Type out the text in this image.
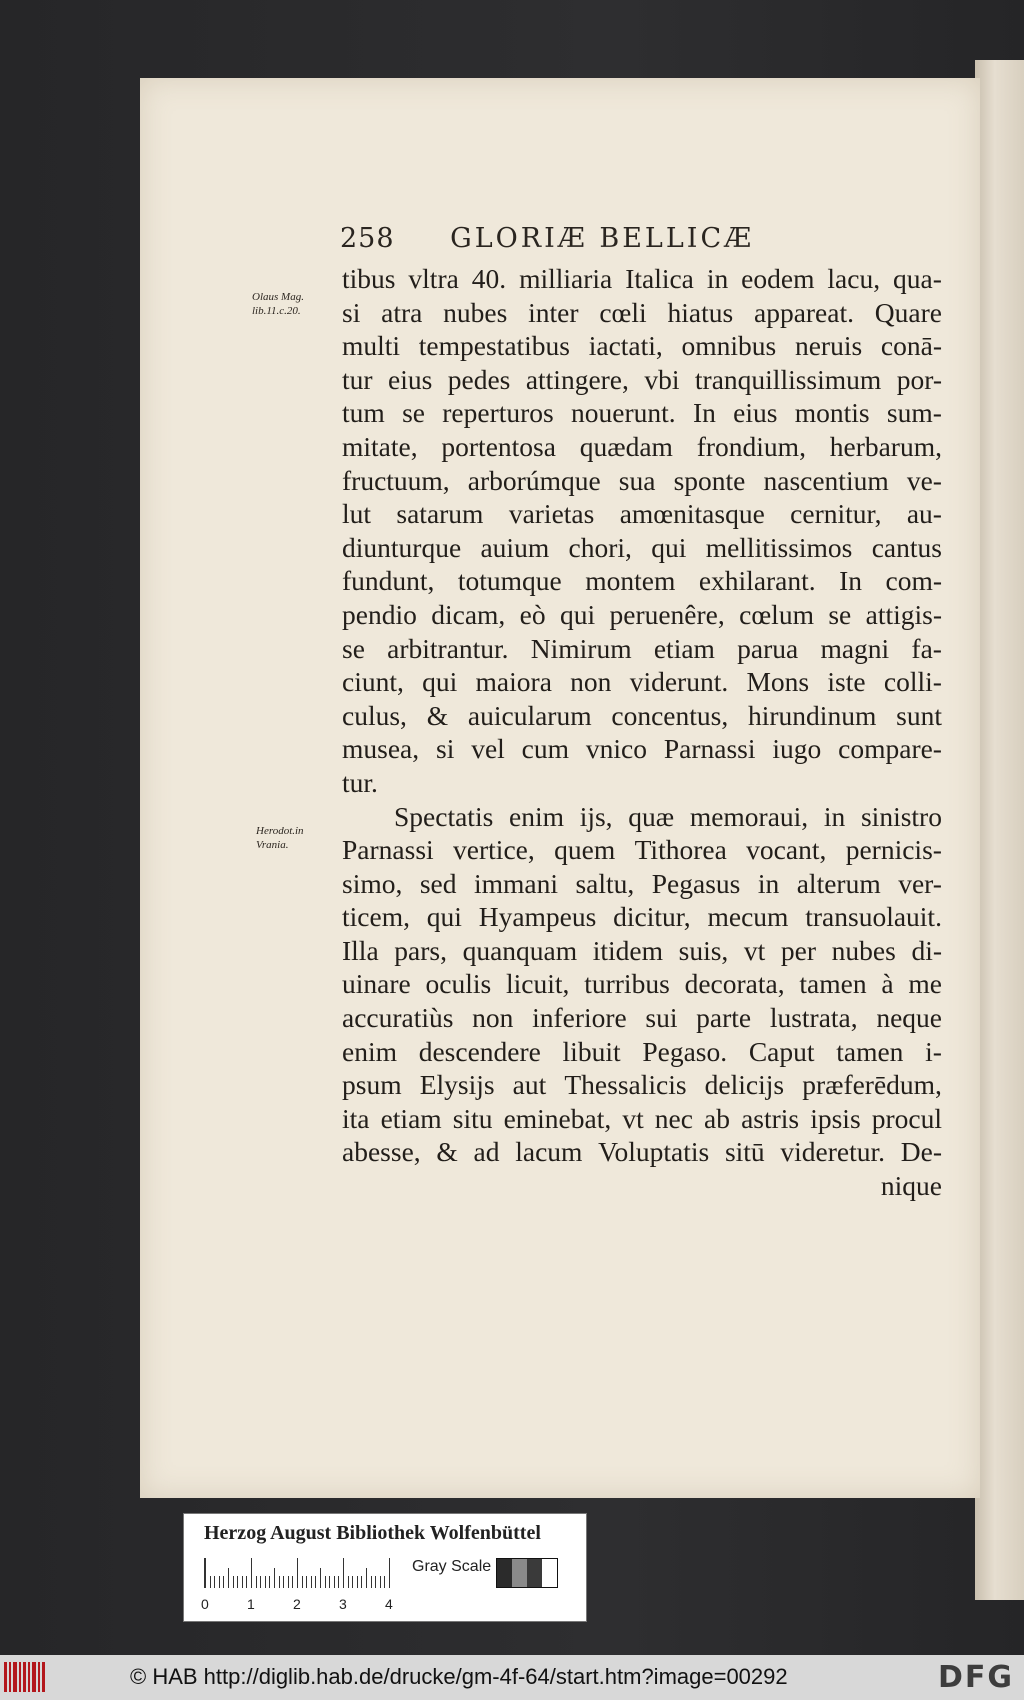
258 GLORIÆ BELLICÆ
Olaus Mag.
lib.11.c.20.
Herodot.in
Vrania.
tibus vltra 40. milliaria Italica in eodem lacu, qua-
si atra nubes inter cœli hiatus appareat. Quare
multi tempestatibus iactati, omnibus neruis conā-
tur eius pedes attingere, vbi tranquillissimum por-
tum se reperturos nouerunt. In eius montis sum-
mitate, portentosa quædam frondium, herbarum,
fructuum, arborúmque sua sponte nascentium ve-
lut satarum varietas amœnitasque cernitur, au-
diunturque auium chori, qui mellitissimos cantus
fundunt, totumque montem exhilarant. In com-
pendio dicam, eò qui peruenêre, cœlum se attigis-
se arbitrantur. Nimirum etiam parua magni fa-
ciunt, qui maiora non viderunt. Mons iste colli-
culus, & auicularum concentus, hirundinum sunt
musea, si vel cum vnico Parnassi iugo compare-
tur.
Spectatis enim ijs, quæ memoraui, in sinistro
Parnassi vertice, quem Tithorea vocant, pernicis-
simo, sed immani saltu, Pegasus in alterum ver-
ticem, qui Hyampeus dicitur, mecum transuolauit.
Illa pars, quanquam itidem suis, vt per nubes di-
uinare oculis licuit, turribus decorata, tamen à me
accuratiùs non inferiore sui parte lustrata, neque
enim descendere libuit Pegaso. Caput tamen i-
psum Elysijs aut Thessalicis delicijs præferēdum,
ita etiam situ eminebat, vt nec ab astris ipsis procul
abesse, & ad lacum Voluptatis sitū videretur. De-
nique
Herzog August Bibliothek Wolfenbüttel
0	1	2	3	4
Gray Scale
© HAB http://diglib.hab.de/drucke/gm-4f-64/start.htm?image=00292	DFG
